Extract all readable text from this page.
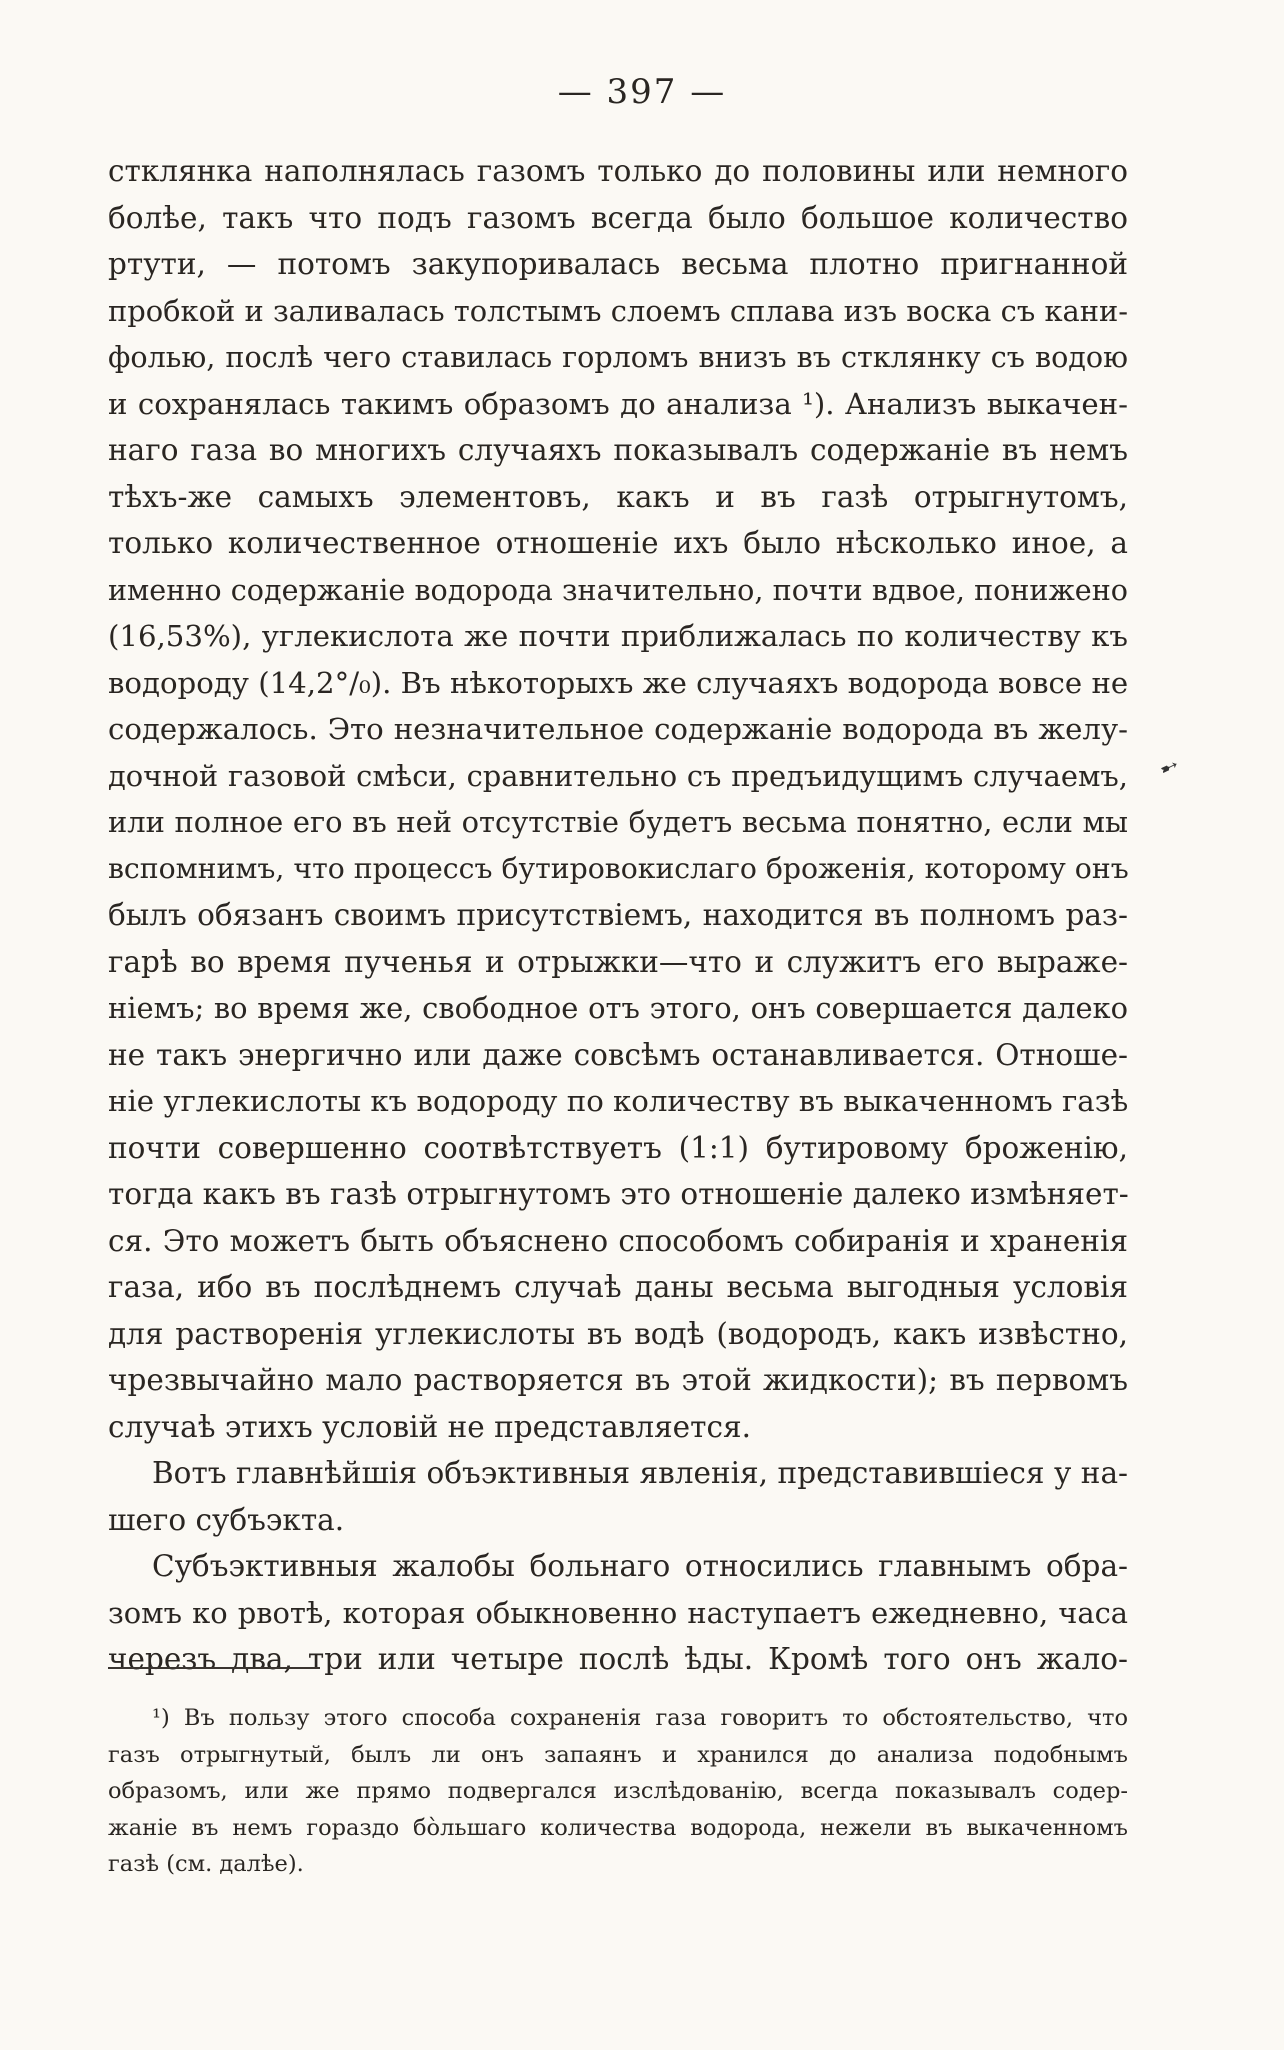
— 397 —
стклянка наполнялась газомъ только до половины или немного
болѣе, такъ что подъ газомъ всегда было большое количество
ртути, — потомъ закупоривалась весьма плотно пригнанной
пробкой и заливалась толстымъ слоемъ сплава изъ воска съ кани-
фолью, послѣ чего ставилась горломъ внизъ въ стклянку съ водою
и сохранялась такимъ образомъ до анализа ¹). Анализъ выкачен-
наго газа во многихъ случаяхъ показывалъ содержаніе въ немъ
тѣхъ-же самыхъ элементовъ, какъ и въ газѣ отрыгнутомъ,
только количественное отношеніе ихъ было нѣсколько иное, а
именно содержаніе водорода значительно, почти вдвое, понижено
(16,53%), углекислота же почти приближалась по количеству къ
водороду (14,2°/₀). Въ нѣкоторыхъ же случаяхъ водорода вовсе не
содержалось. Это незначительное содержаніе водорода въ желу-
дочной газовой смѣси, сравнительно съ предъидущимъ случаемъ,
или полное его въ ней отсутствіе будетъ весьма понятно, если мы
вспомнимъ, что процессъ бутировокислаго броженія, которому онъ
былъ обязанъ своимъ присутствіемъ, находится въ полномъ раз-
гарѣ во время пученья и отрыжки—что и служитъ его выраже-
ніемъ; во время же, свободное отъ этого, онъ совершается далеко
не такъ энергично или даже совсѣмъ останавливается. Отноше-
ніе углекислоты къ водороду по количеству въ выкаченномъ газѣ
почти совершенно соотвѣтствуетъ (1:1) бутировому броженію,
тогда какъ въ газѣ отрыгнутомъ это отношеніе далеко измѣняет-
ся. Это можетъ быть объяснено способомъ собиранія и храненія
газа, ибо въ послѣднемъ случаѣ даны весьма выгодныя условія
для растворенія углекислоты въ водѣ (водородъ, какъ извѣстно,
чрезвычайно мало растворяется въ этой жидкости); въ первомъ
случаѣ этихъ условій не представляется.
Вотъ главнѣйшія объэктивныя явленія, представившіеся у на-
шего субъэкта.
Субъэктивныя жалобы больнаго относились главнымъ обра-
зомъ ко рвотѣ, которая обыкновенно наступаетъ ежедневно, часа
черезъ два, три или четыре послѣ ѣды. Кромѣ того онъ жало-
➹
¹) Въ пользу этого способа сохраненія газа говоритъ то обстоятельство, что
газъ отрыгнутый, былъ ли онъ запаянъ и хранился до анализа подобнымъ
образомъ, или же прямо подвергался изслѣдованію, всегда показывалъ содер-
жаніе въ немъ гораздо бо̀льшаго количества водорода, нежели въ выкаченномъ
газѣ (см. далѣе).
